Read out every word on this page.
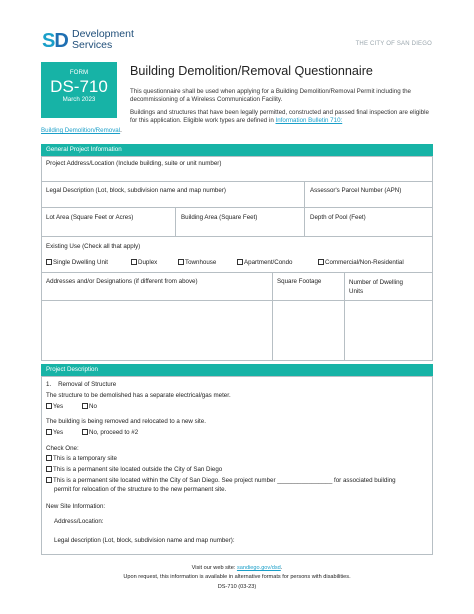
SD Development
Services	THE CITY OF SAN DIEGO
FORM
DS-710
March 2023
Building Demolition/Removal Questionnaire
This questionnaire shall be used when applying for a Building Demolition/Removal Permit including the decommissioning of a Wireless Communication Facility.
Buildings and structures that have been legally permitted, constructed and passed final inspection are eligible for this application. Eligible work types are defined in Information Bulletin 710:
Building Demolition/Removal.
General Project Information
Project Address/Location (Include building, suite or unit number)
Legal Description (Lot, block, subdivision name and map number)	Assessor's Parcel Number (APN)
Lot Area (Square Feet or Acres)	Building Area (Square Feet)	Depth of Pool (Feet)
Existing Use (Check all that apply)
Single Dwelling Unit	Duplex	Townhouse	Apartment/Condo	Commercial/Non-Residential
Addresses and/or Designations (if different from above)	Square Footage	Number of Dwelling
Units
Project Description
1. Removal of Structure
The structure to be demolished has a separate electrical/gas meter.
Yes	No
The building is being removed and relocated to a new site.
Yes	No, proceed to #2
Check One:
This is a temporary site
This is a permanent site located outside the City of San Diego
This is a permanent site located within the City of San Diego. See project number ________________ for associated building
permit for relocation of the structure to the new permanent site.
New Site Information:
Address/Location:
Legal description (Lot, block, subdivision name and map number):
Visit our web site: sandiego.gov/dsd.
Upon request, this information is available in alternative formats for persons with disabilities.
DS-710 (03-23)
